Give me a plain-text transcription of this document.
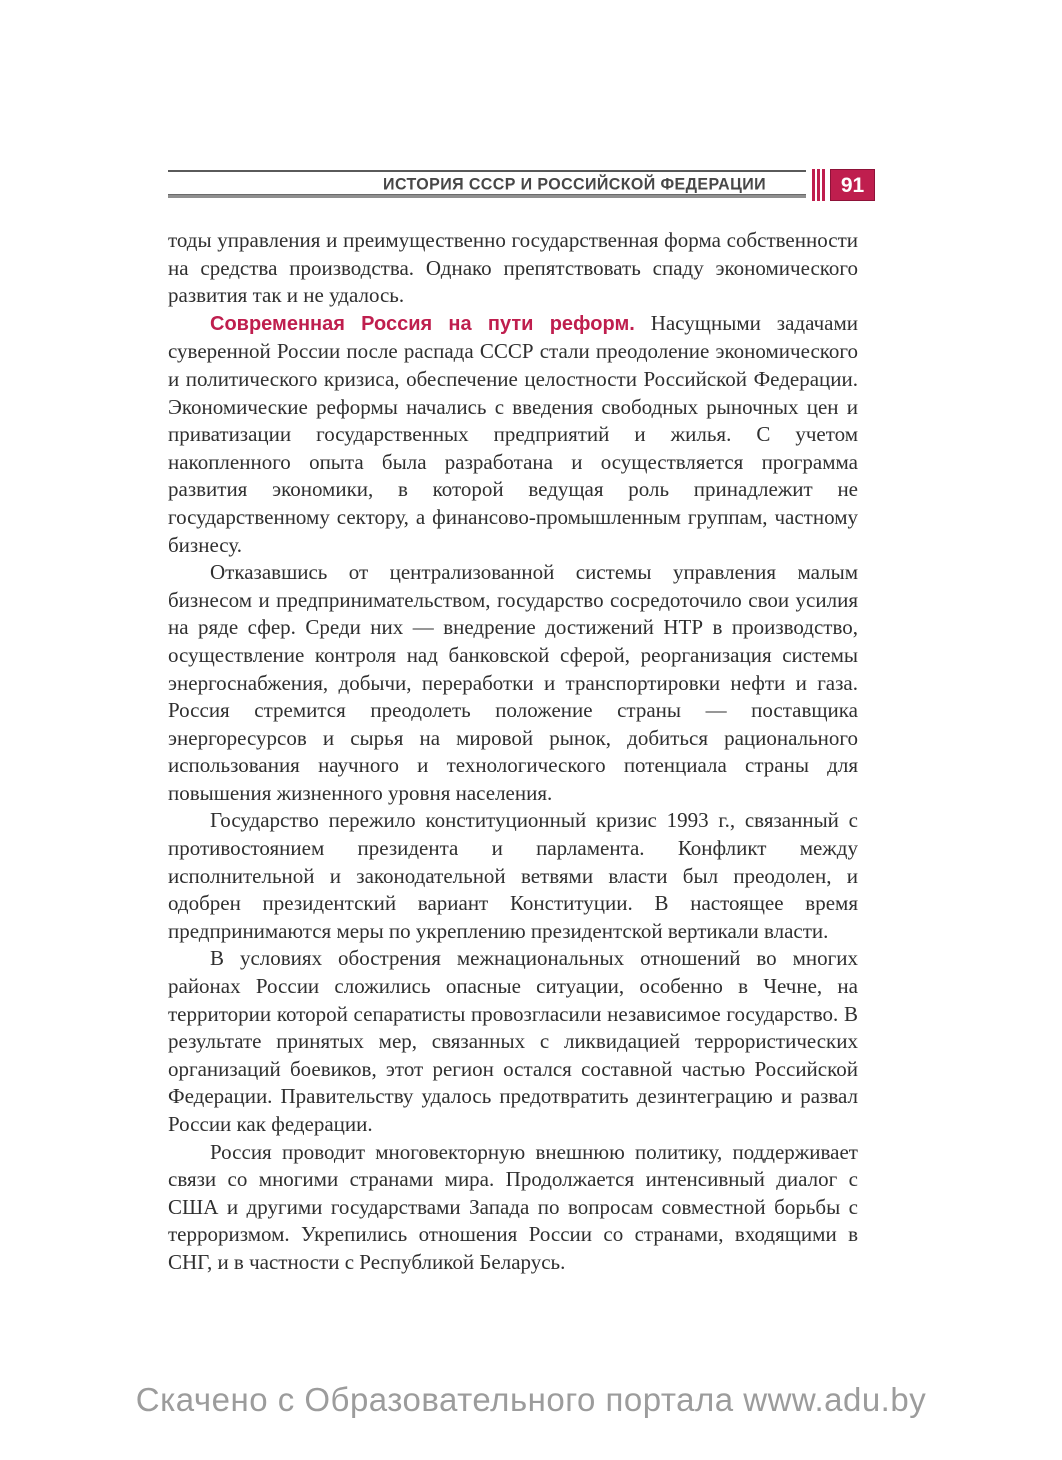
ИСТОРИЯ СССР И РОССИЙСКОЙ ФЕДЕРАЦИИ	91

тоды управления и преимущественно государственная форма собственности на средства производства. Однако препятствовать спаду экономического развития так и не удалось.

Современная Россия на пути реформ. Насущными задачами суверенной России после распада СССР стали преодоление экономического и политического кризиса, обеспечение целостности Российской Федерации. Экономические реформы начались с введения свободных рыночных цен и приватизации государственных предприятий и жилья. С учетом накопленного опыта была разработана и осуществляется программа развития экономики, в которой ведущая роль принадлежит не государственному сектору, а финансово-промышленным группам, частному бизнесу.

Отказавшись от централизованной системы управления малым бизнесом и предпринимательством, государство сосредоточило свои усилия на ряде сфер. Среди них — внедрение достижений НТР в производство, осуществление контроля над банковской сферой, реорганизация системы энергоснабжения, добычи, переработки и транспортировки нефти и газа. Россия стремится преодолеть положение страны — поставщика энергоресурсов и сырья на мировой рынок, добиться рационального использования научного и технологического потенциала страны для повышения жизненного уровня населения.

Государство пережило конституционный кризис 1993 г., связанный с противостоянием президента и парламента. Конфликт между исполнительной и законодательной ветвями власти был преодолен, и одобрен президентский вариант Конституции. В настоящее время предпринимаются меры по укреплению президентской вертикали власти.

В условиях обострения межнациональных отношений во многих районах России сложились опасные ситуации, особенно в Чечне, на территории которой сепаратисты провозгласили независимое государство. В результате принятых мер, связанных с ликвидацией террористических организаций боевиков, этот регион остался составной частью Российской Федерации. Правительству удалось предотвратить дезинтеграцию и развал России как федерации.

Россия проводит многовекторную внешнюю политику, поддерживает связи со многими странами мира. Продолжается интенсивный диалог с США и другими государствами Запада по вопросам совместной борьбы с терроризмом. Укрепились отношения России со странами, входящими в СНГ, и в частности с Республикой Беларусь.

Скачено с Образовательного портала www.adu.by
